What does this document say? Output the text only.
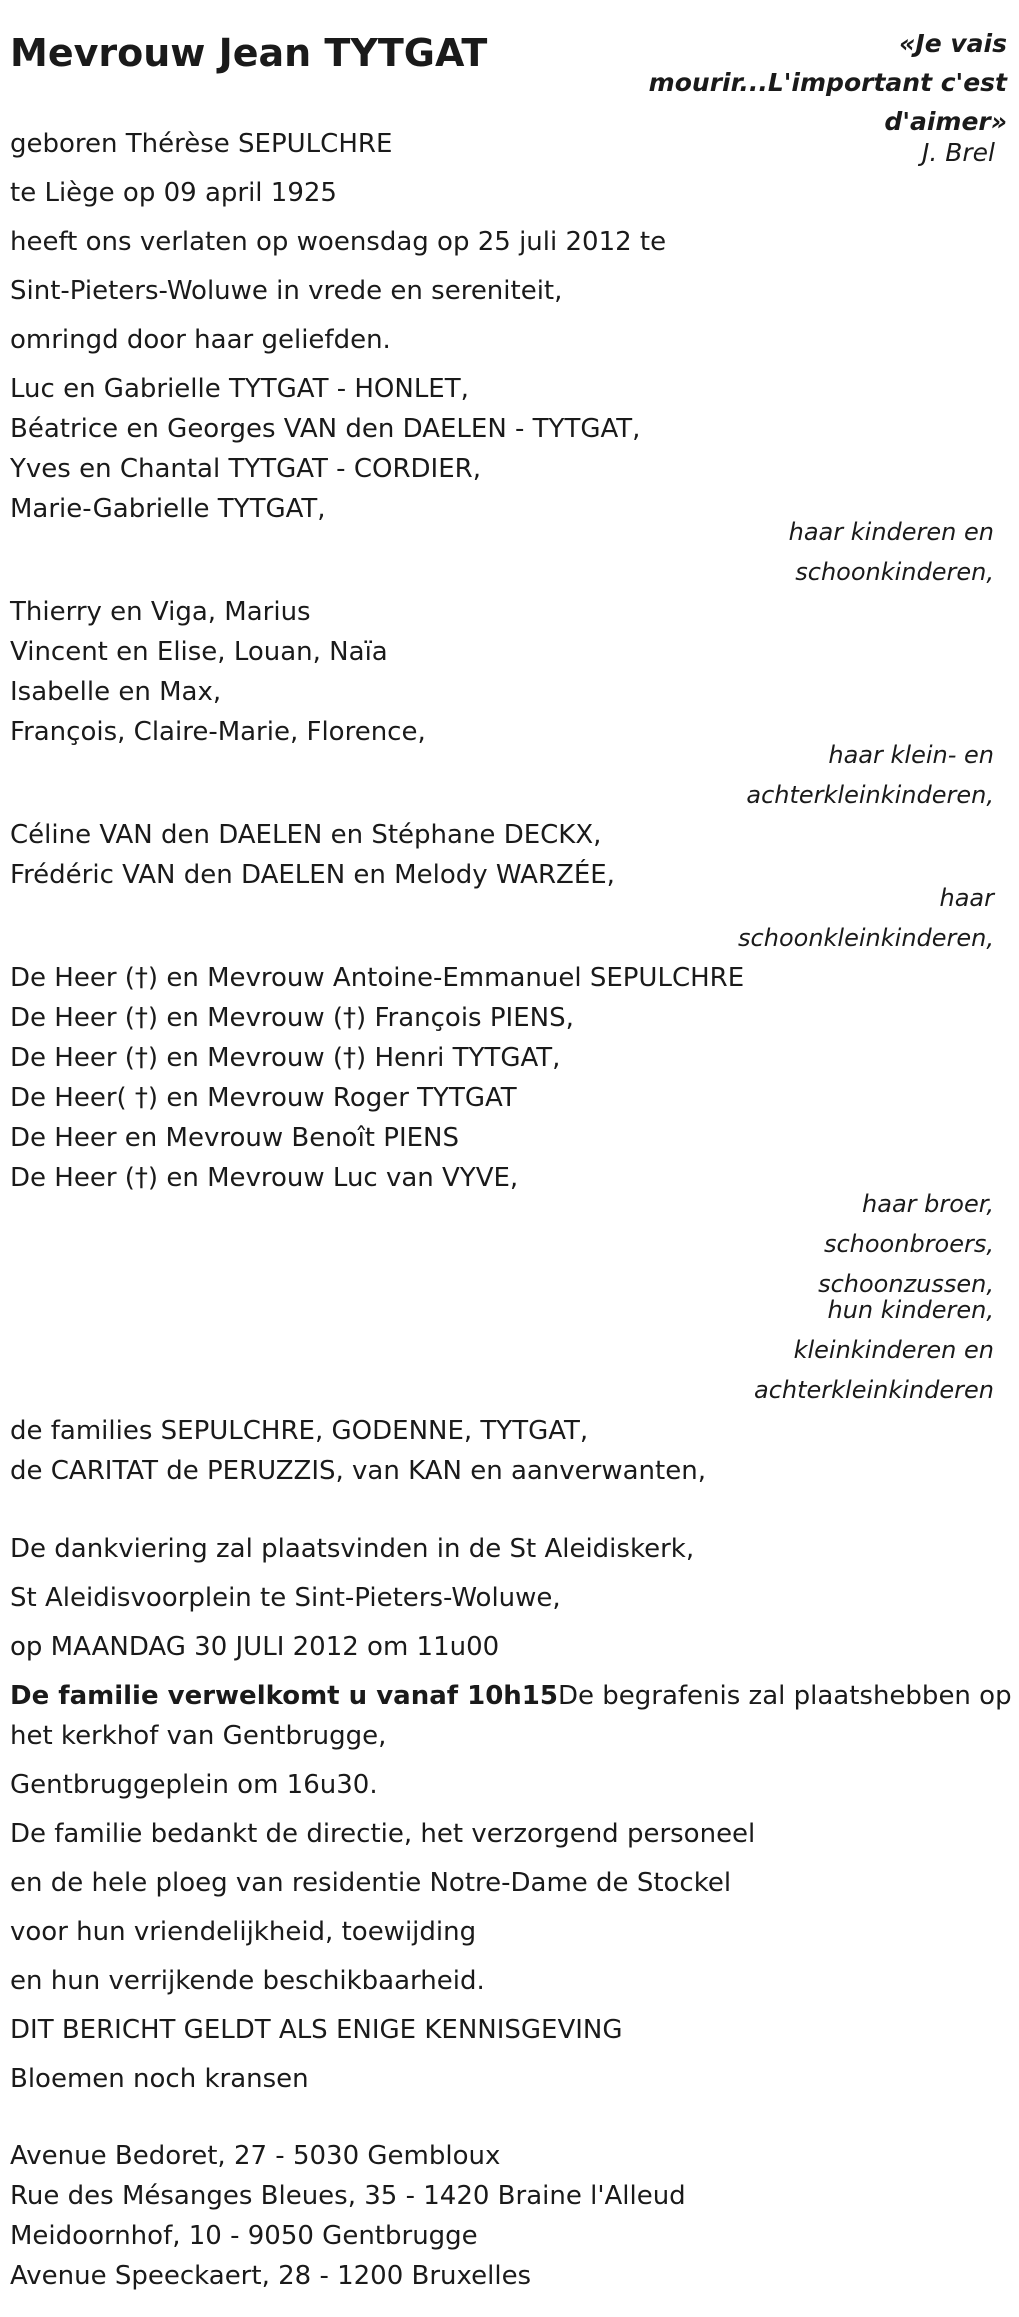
Mevrouw Jean TYTGAT	«Je vais mourir...L'important c'est d'aimer»
J. Brel
geboren Thérèse SEPULCHRE
te Liège op 09 april 1925
heeft ons verlaten op woensdag op 25 juli 2012 te
Sint-Pieters-Woluwe in vrede en sereniteit,
omringd door haar geliefden.
Luc en Gabrielle TYTGAT - HONLET,
Béatrice en Georges VAN den DAELEN - TYTGAT,
Yves en Chantal TYTGAT - CORDIER,
Marie-Gabrielle TYTGAT,
haar kinderen en
schoonkinderen,
Thierry en Viga, Marius
Vincent en Elise, Louan, Naïa
Isabelle en Max,
François, Claire-Marie, Florence,
haar klein- en
achterkleinkinderen,
Céline VAN den DAELEN en Stéphane DECKX,
Frédéric VAN den DAELEN en Melody WARZÉE,
haar
schoonkleinkinderen,
De Heer (†) en Mevrouw Antoine-Emmanuel SEPULCHRE
De Heer (†) en Mevrouw (†) François PIENS,
De Heer (†) en Mevrouw (†) Henri TYTGAT,
De Heer( †) en Mevrouw Roger TYTGAT
De Heer en Mevrouw Benoît PIENS
De Heer (†) en Mevrouw Luc van VYVE,
haar broer,
schoonbroers,
schoonzussen,
hun kinderen,
kleinkinderen en
achterkleinkinderen
de families SEPULCHRE, GODENNE, TYTGAT,
de CARITAT de PERUZZIS, van KAN en aanverwanten,
De dankviering zal plaatsvinden in de St Aleidiskerk,
St Aleidisvoorplein te Sint-Pieters-Woluwe,
op MAANDAG 30 JULI 2012 om 11u00
De familie verwelkomt u vanaf 10h15De begrafenis zal plaatshebben op
het kerkhof van Gentbrugge,
Gentbruggeplein om 16u30.
De familie bedankt de directie, het verzorgend personeel
en de hele ploeg van residentie Notre-Dame de Stockel
voor hun vriendelijkheid, toewijding
en hun verrijkende beschikbaarheid.
DIT BERICHT GELDT ALS ENIGE KENNISGEVING
Bloemen noch kransen
Avenue Bedoret, 27 - 5030 Gembloux
Rue des Mésanges Bleues, 35 - 1420 Braine l'Alleud
Meidoornhof, 10 - 9050 Gentbrugge
Avenue Speeckaert, 28 - 1200 Bruxelles
